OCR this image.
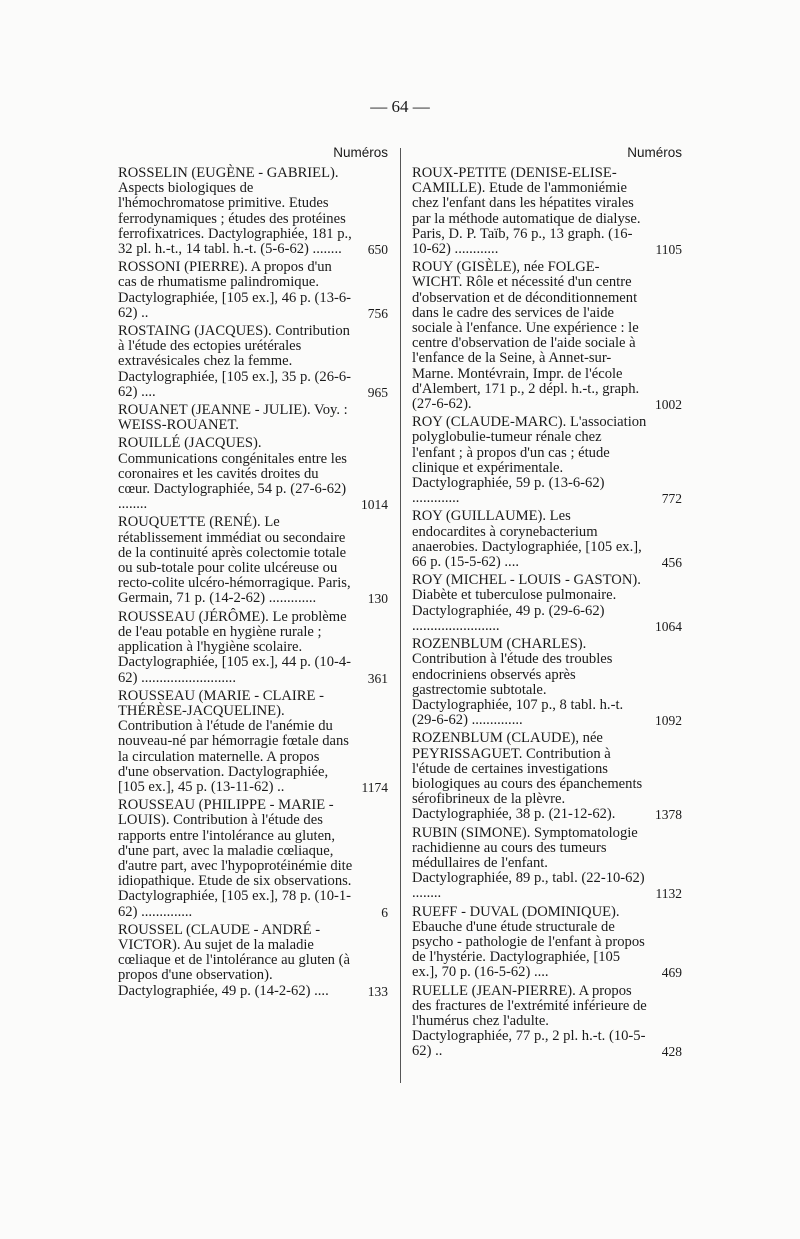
— 64 —
Numéros
ROSSELIN (EUGÈNE - GABRIEL). Aspects biologiques de l'hémochromatose primitive. Etudes ferrodynamiques ; études des protéines ferrofixatrices. Dactylographiée, 181 p., 32 pl. h.-t., 14 tabl. h.-t. (5-6-62) ........	650
ROSSONI (PIERRE). A propos d'un cas de rhumatisme palindromique. Dactylographiée, [105 ex.], 46 p. (13-6-62) ..	756
ROSTAING (JACQUES). Contribution à l'étude des ectopies urétérales extravésicales chez la femme. Dactylographiée, [105 ex.], 35 p. (26-6-62) ....	965
ROUANET (JEANNE - JULIE). Voy. : WEISS-ROUANET.
ROUILLÉ (JACQUES). Communications congénitales entre les coronaires et les cavités droites du cœur. Dactylographiée, 54 p. (27-6-62) ........	1014
ROUQUETTE (RENÉ). Le rétablissement immédiat ou secondaire de la continuité après colectomie totale ou sub-totale pour colite ulcéreuse ou recto-colite ulcéro-hémorragique. Paris, Germain, 71 p. (14-2-62) .............	130
ROUSSEAU (JÉRÔME). Le problème de l'eau potable en hygiène rurale ; application à l'hygiène scolaire. Dactylographiée, [105 ex.], 44 p. (10-4-62) ..........................	361
ROUSSEAU (MARIE - CLAIRE - THÉRÈSE-JACQUELINE). Contribution à l'étude de l'anémie du nouveau-né par hémorragie fœtale dans la circulation maternelle. A propos d'une observation. Dactylographiée, [105 ex.], 45 p. (13-11-62) ..	1174
ROUSSEAU (PHILIPPE - MARIE - LOUIS). Contribution à l'étude des rapports entre l'intolérance au gluten, d'une part, avec la maladie cœliaque, d'autre part, avec l'hypoprotéinémie dite idiopathique. Etude de six observations. Dactylographiée, [105 ex.], 78 p. (10-1-62) ..............	6
ROUSSEL (CLAUDE - ANDRÉ - VICTOR). Au sujet de la maladie cœliaque et de l'intolérance au gluten (à propos d'une observation). Dactylographiée, 49 p. (14-2-62) ....	133
Numéros
ROUX-PETITE (DENISE-ELISE-CAMILLE). Etude de l'ammoniémie chez l'enfant dans les hépatites virales par la méthode automatique de dialyse. Paris, D. P. Taïb, 76 p., 13 graph. (16-10-62) ............	1105
ROUY (GISÈLE), née FOLGE-WICHT. Rôle et nécessité d'un centre d'observation et de déconditionnement dans le cadre des services de l'aide sociale à l'enfance. Une expérience : le centre d'observation de l'aide sociale à l'enfance de la Seine, à Annet-sur-Marne. Montévrain, Impr. de l'école d'Alembert, 171 p., 2 dépl. h.-t., graph. (27-6-62).	1002
ROY (CLAUDE-MARC). L'association polyglobulie-tumeur rénale chez l'enfant ; à propos d'un cas ; étude clinique et expérimentale. Dactylographiée, 59 p. (13-6-62) .............	772
ROY (GUILLAUME). Les endocardites à corynebacterium anaerobies. Dactylographiée, [105 ex.], 66 p. (15-5-62) ....	456
ROY (MICHEL - LOUIS - GASTON). Diabète et tuberculose pulmonaire. Dactylographiée, 49 p. (29-6-62) ........................	1064
ROZENBLUM (CHARLES). Contribution à l'étude des troubles endocriniens observés après gastrectomie subtotale. Dactylographiée, 107 p., 8 tabl. h.-t. (29-6-62) ..............	1092
ROZENBLUM (CLAUDE), née PEYRISSAGUET. Contribution à l'étude de certaines investigations biologiques au cours des épanchements sérofibrineux de la plèvre. Dactylographiée, 38 p. (21-12-62).	1378
RUBIN (SIMONE). Symptomatologie rachidienne au cours des tumeurs médullaires de l'enfant. Dactylographiée, 89 p., tabl. (22-10-62) ........	1132
RUEFF - DUVAL (DOMINIQUE). Ebauche d'une étude structurale de psycho - pathologie de l'enfant à propos de l'hystérie. Dactylographiée, [105 ex.], 70 p. (16-5-62) ....	469
RUELLE (JEAN-PIERRE). A propos des fractures de l'extrémité inférieure de l'humérus chez l'adulte. Dactylographiée, 77 p., 2 pl. h.-t. (10-5-62) ..	428
